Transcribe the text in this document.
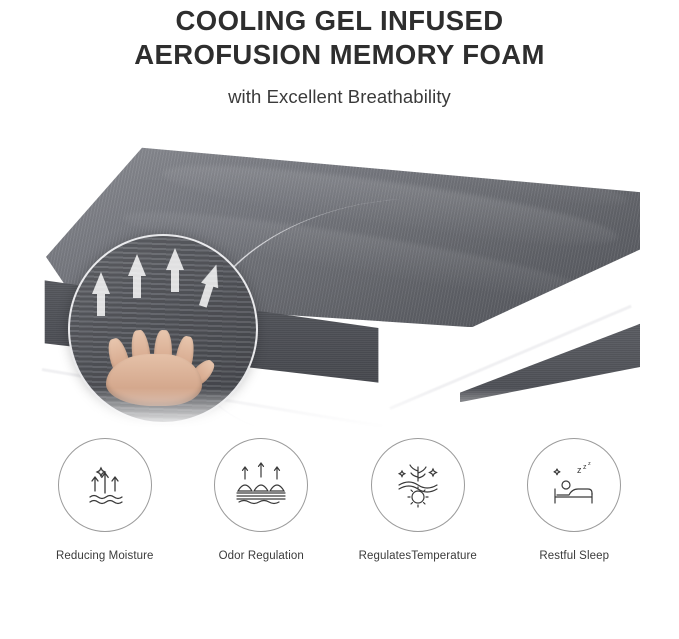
COOLING GEL INFUSED
AEROFUSION MEMORY FOAM
with Excellent Breathability
Reducing Moisture	Odor Regulation	RegulatesTemperature
z z z
Restful Sleep
